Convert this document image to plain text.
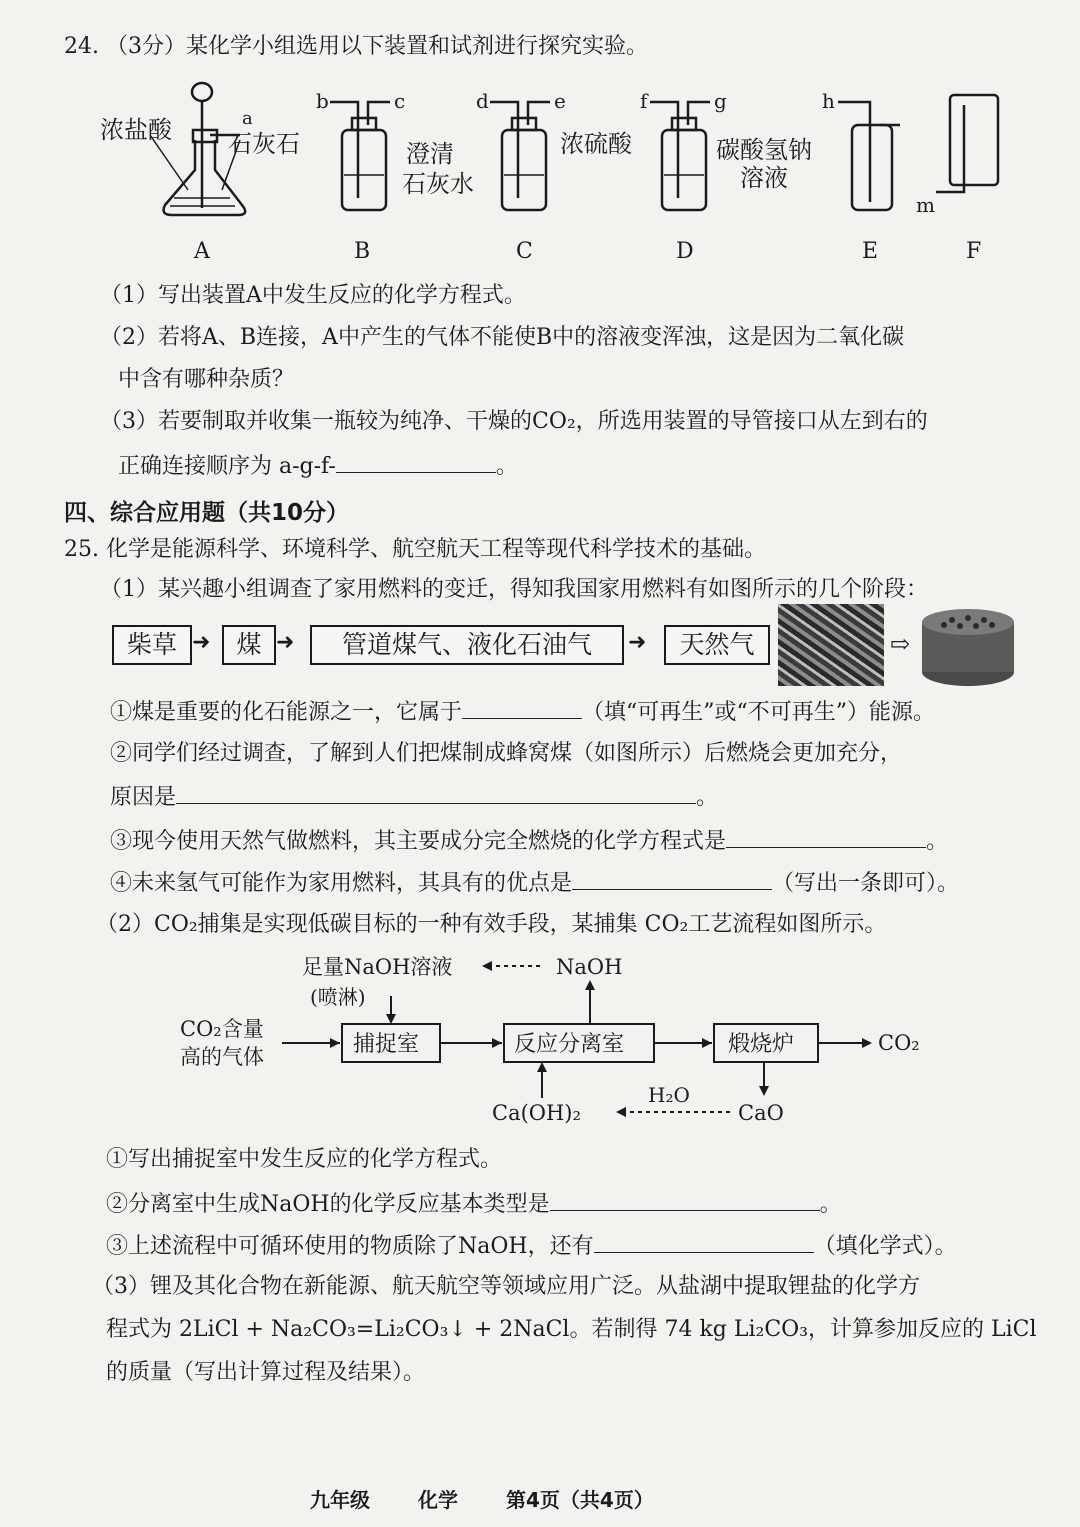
24. （3分）某化学小组选用以下装置和试剂进行探究实验。
浓盐酸 石灰石	澄清
石灰水
浓硫酸	碳酸氢钠
溶液
a
b	c	d	e	f	g	h
m
A	B	C	D	E	F
（1）写出装置A中发生反应的化学方程式。
（2）若将A、B连接，A中产生的气体不能使B中的溶液变浑浊，这是因为二氧化碳
中含有哪种杂质？
（3）若要制取并收集一瓶较为纯净、干燥的CO₂，所选用装置的导管接口从左到右的
正确连接顺序为 a-g-f-	。
四、综合应用题（共10分）
25. 化学是能源科学、环境科学、航空航天工程等现代科学技术的基础。
（1）某兴趣小组调查了家用燃料的变迁，得知我国家用燃料有如图所示的几个阶段：
柴草 ➜	煤 ➜	管道煤气、液化石油气	➜	天然气	⇨
①煤是重要的化石能源之一，它属于	（填“可再生”或“不可再生”）能源。
②同学们经过调查，了解到人们把煤制成蜂窝煤（如图所示）后燃烧会更加充分，
原因是	。
③现今使用天然气做燃料，其主要成分完全燃烧的化学方程式是	。
④未来氢气可能作为家用燃料，其具有的优点是	（写出一条即可）。
（2）CO₂捕集是实现低碳目标的一种有效手段，某捕集 CO₂工艺流程如图所示。
足量NaOH溶液
(喷淋)
NaOH
CO₂含量
高的气体	捕捉室	反应分离室	煅烧炉	CO₂
Ca(OH)₂
H₂O
CaO
①写出捕捉室中发生反应的化学方程式。
②分离室中生成NaOH的化学反应基本类型是	。
③上述流程中可循环使用的物质除了NaOH，还有	（填化学式）。
（3）锂及其化合物在新能源、航天航空等领域应用广泛。从盐湖中提取锂盐的化学方
程式为 2LiCl + Na₂CO₃=Li₂CO₃↓ + 2NaCl。若制得 74 kg Li₂CO₃，计算参加反应的 LiCl
的质量（写出计算过程及结果）。
九年级 化学 第4页（共4页）
